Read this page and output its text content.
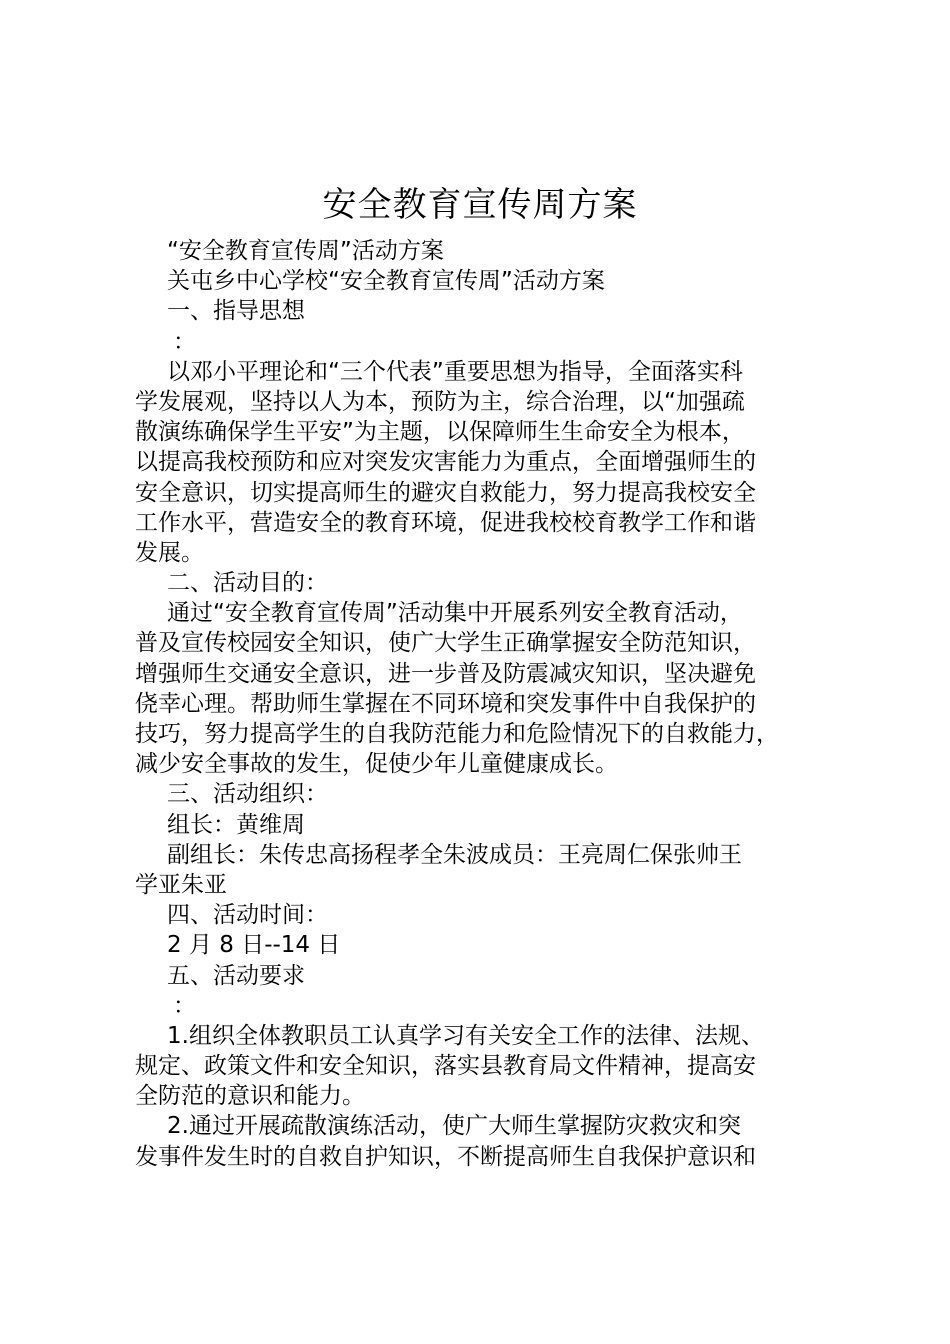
安全教育宣传周方案
“安全教育宣传周”活动方案
关屯乡中心学校“安全教育宣传周”活动方案
一、指导思想
：
以邓小平理论和“三个代表”重要思想为指导，全面落实科
学发展观，坚持以人为本，预防为主，综合治理，以“加强疏
散演练确保学生平安”为主题，以保障师生生命安全为根本，
以提高我校预防和应对突发灾害能力为重点，全面增强师生的
安全意识，切实提高师生的避灾自救能力，努力提高我校安全
工作水平，营造安全的教育环境，促进我校校育教学工作和谐
发展。
二、活动目的：
通过“安全教育宣传周”活动集中开展系列安全教育活动，
普及宣传校园安全知识，使广大学生正确掌握安全防范知识，
增强师生交通安全意识，进一步普及防震减灾知识，坚决避免
侥幸心理。帮助师生掌握在不同环境和突发事件中自我保护的
技巧，努力提高学生的自我防范能力和危险情况下的自救能力，
减少安全事故的发生，促使少年儿童健康成长。
三、活动组织：
组长：黄维周
副组长：朱传忠高扬程孝全朱波成员：王亮周仁保张帅王
学亚朱亚
四、活动时间：
2 月 8 日--14 日
五、活动要求
：
1.组织全体教职员工认真学习有关安全工作的法律、法规、
规定、政策文件和安全知识，落实县教育局文件精神，提高安
全防范的意识和能力。
2.通过开展疏散演练活动，使广大师生掌握防灾救灾和突
发事件发生时的自救自护知识，不断提高师生自我保护意识和
